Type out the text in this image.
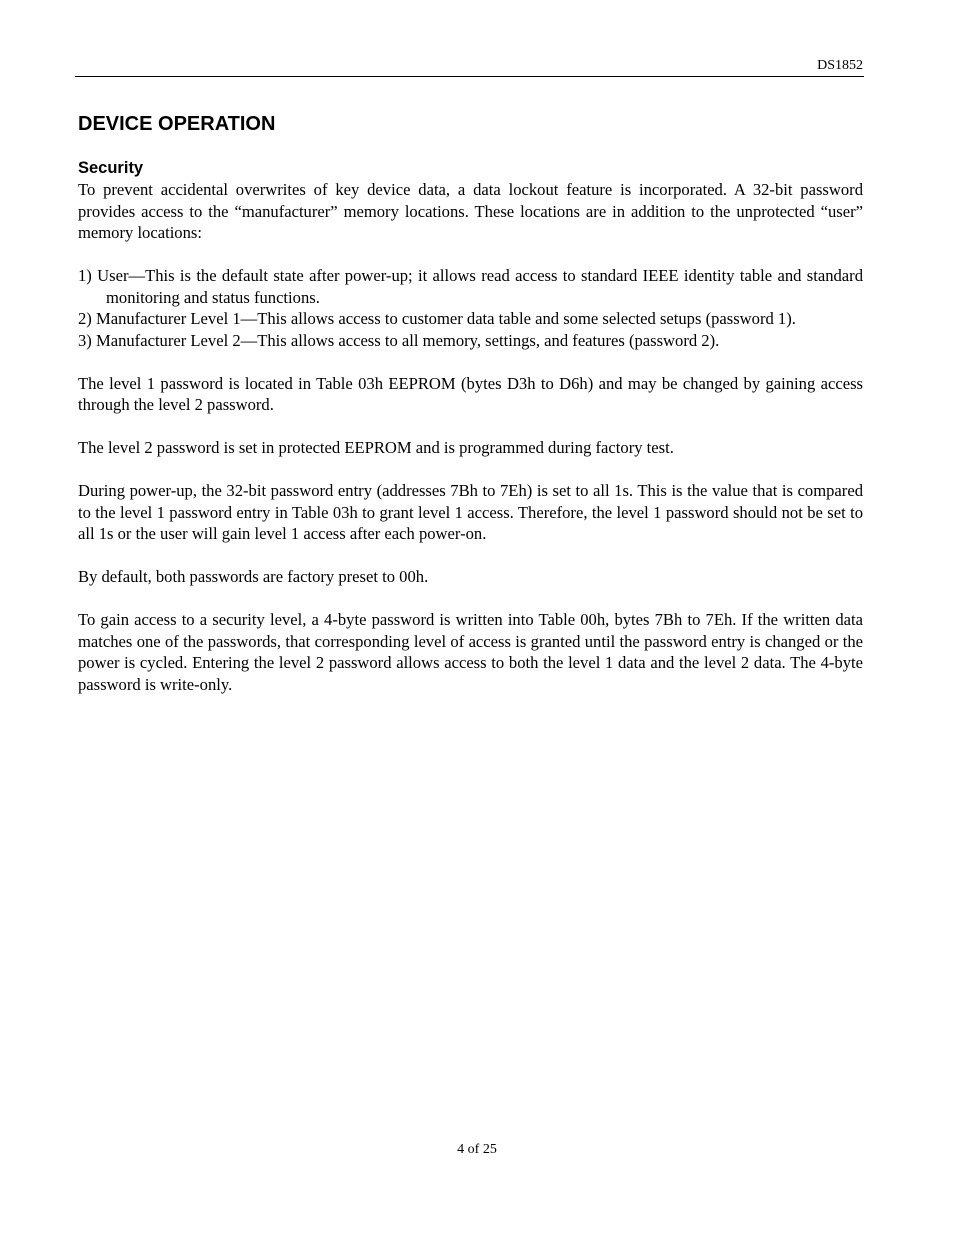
DS1852
DEVICE OPERATION
Security

To prevent accidental overwrites of key device data, a data lockout feature is incorporated. A 32-bit password provides access to the “manufacturer” memory locations. These locations are in addition to the unprotected “user” memory locations:

1) User—This is the default state after power-up; it allows read access to standard IEEE identity table and standard monitoring and status functions.
2) Manufacturer Level 1—This allows access to customer data table and some selected setups (password 1).
3) Manufacturer Level 2—This allows access to all memory, settings, and features (password 2).

The level 1 password is located in Table 03h EEPROM (bytes D3h to D6h) and may be changed by gaining access through the level 2 password.

The level 2 password is set in protected EEPROM and is programmed during factory test.

During power-up, the 32-bit password entry (addresses 7Bh to 7Eh) is set to all 1s. This is the value that is compared to the level 1 password entry in Table 03h to grant level 1 access. Therefore, the level 1 password should not be set to all 1s or the user will gain level 1 access after each power-on.

By default, both passwords are factory preset to 00h.

To gain access to a security level, a 4-byte password is written into Table 00h, bytes 7Bh to 7Eh. If the written data matches one of the passwords, that corresponding level of access is granted until the password entry is changed or the power is cycled. Entering the level 2 password allows access to both the level 1 data and the level 2 data. The 4-byte password is write-only.

4 of 25
